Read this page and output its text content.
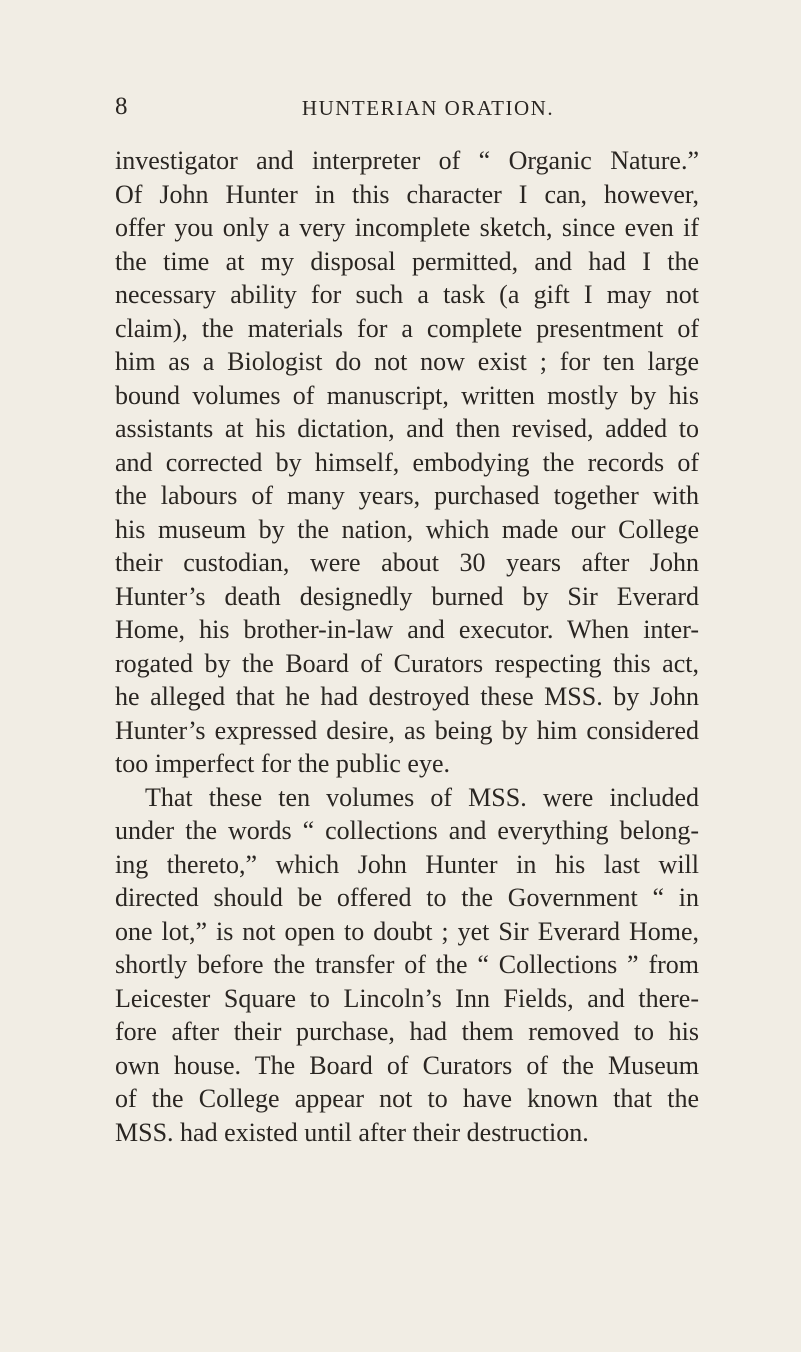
8	HUNTERIAN ORATION.
investigator and interpreter of “ Organic Nature.”
Of John Hunter in this character I can, however,
offer you only a very incomplete sketch, since even if
the time at my disposal permitted, and had I the
necessary ability for such a task (a gift I may not
claim), the materials for a complete presentment of
him as a Biologist do not now exist ; for ten large
bound volumes of manuscript, written mostly by his
assistants at his dictation, and then revised, added to
and corrected by himself, embodying the records of
the labours of many years, purchased together with
his museum by the nation, which made our College
their custodian, were about 30 years after John
Hunter’s death designedly burned by Sir Everard
Home, his brother-in-law and executor. When inter-
rogated by the Board of Curators respecting this act,
he alleged that he had destroyed these MSS. by John
Hunter’s expressed desire, as being by him considered
too imperfect for the public eye.
That these ten volumes of MSS. were included
under the words “ collections and everything belong-
ing thereto,” which John Hunter in his last will
directed should be offered to the Government “ in
one lot,” is not open to doubt ; yet Sir Everard Home,
shortly before the transfer of the “ Collections ” from
Leicester Square to Lincoln’s Inn Fields, and there-
fore after their purchase, had them removed to his
own house. The Board of Curators of the Museum
of the College appear not to have known that the
MSS. had existed until after their destruction.
